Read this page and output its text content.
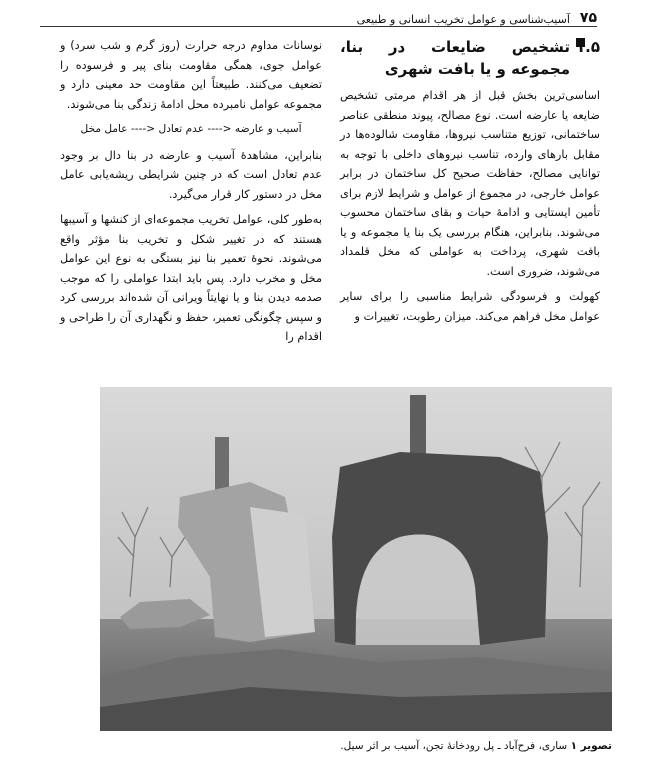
۷۵
آسیب‌شناسی و عوامل تخریب انسانی و طبیعی
۱.۵
تشخیص ضایعات در بنا، مجموعه و یا بافت شهری

اساسی‌ترین بخش قبل از هر اقدام مرمتی تشخیص ضایعه یا عارضه است. نوع مصالح، پیوند منطقی عناصر ساختمانی، توزیع متناسب نیروها، مقاومت شالوده‌ها در مقابل بارهای وارده، تناسب نیروهای داخلی با توجه به توانایی مصالح، حفاظت صحیح کل ساختمان در برابر عوامل خارجی، در مجموع از عوامل و شرایط لازم برای تأمین ایستایی و ادامهٔ حیات و بقای ساختمان محسوب می‌شوند. بنابراین، هنگام بررسی یک بنا یا مجموعه و یا بافت شهری، پرداخت به عواملی که مخل قلمداد می‌شوند، ضروری است.

کهولت و فرسودگی شرایط مناسبی را برای سایر عوامل مخل فراهم می‌کند. میزان رطوبت، تغییرات و

نوسانات مداوم درجه حرارت (روز گرم و شب سرد) و عوامل جوی، همگی مقاومت بنای پیر و فرسوده را تضعیف می‌کنند. طبیعتاً این مقاومت حد معینی دارد و مجموعه عوامل نامبرده محل ادامهٔ زندگی بنا می‌شوند.

آسیب و عارضه <---- عدم تعادل <---- عامل مخل

بنابراین، مشاهدهٔ آسیب و عارضه در بنا دال بر وجود عدم تعادل است که در چنین شرایطی ریشه‌یابی عامل مخل در دستور کار قرار می‌گیرد.

به‌طور کلی، عوامل تخریب مجموعه‌ای از کنشها و آسیبها هستند که در تغییر شکل و تخریب بنا مؤثر واقع می‌شوند. نحوهٔ تعمیر بنا نیز بستگی به نوع این عوامل مخل و مخرب دارد. پس باید ابتدا عواملی را که موجب صدمه دیدن بنا و یا نهایتاً ویرانی آن شده‌اند بررسی کرد و سپس چگونگی تعمیر، حفظ و نگهداری آن را طراحی و اقدام را

تصویر ۱ ساری، فرح‌آباد ـ پل رودخانهٔ تجن، آسیب بر اثر سیل.
